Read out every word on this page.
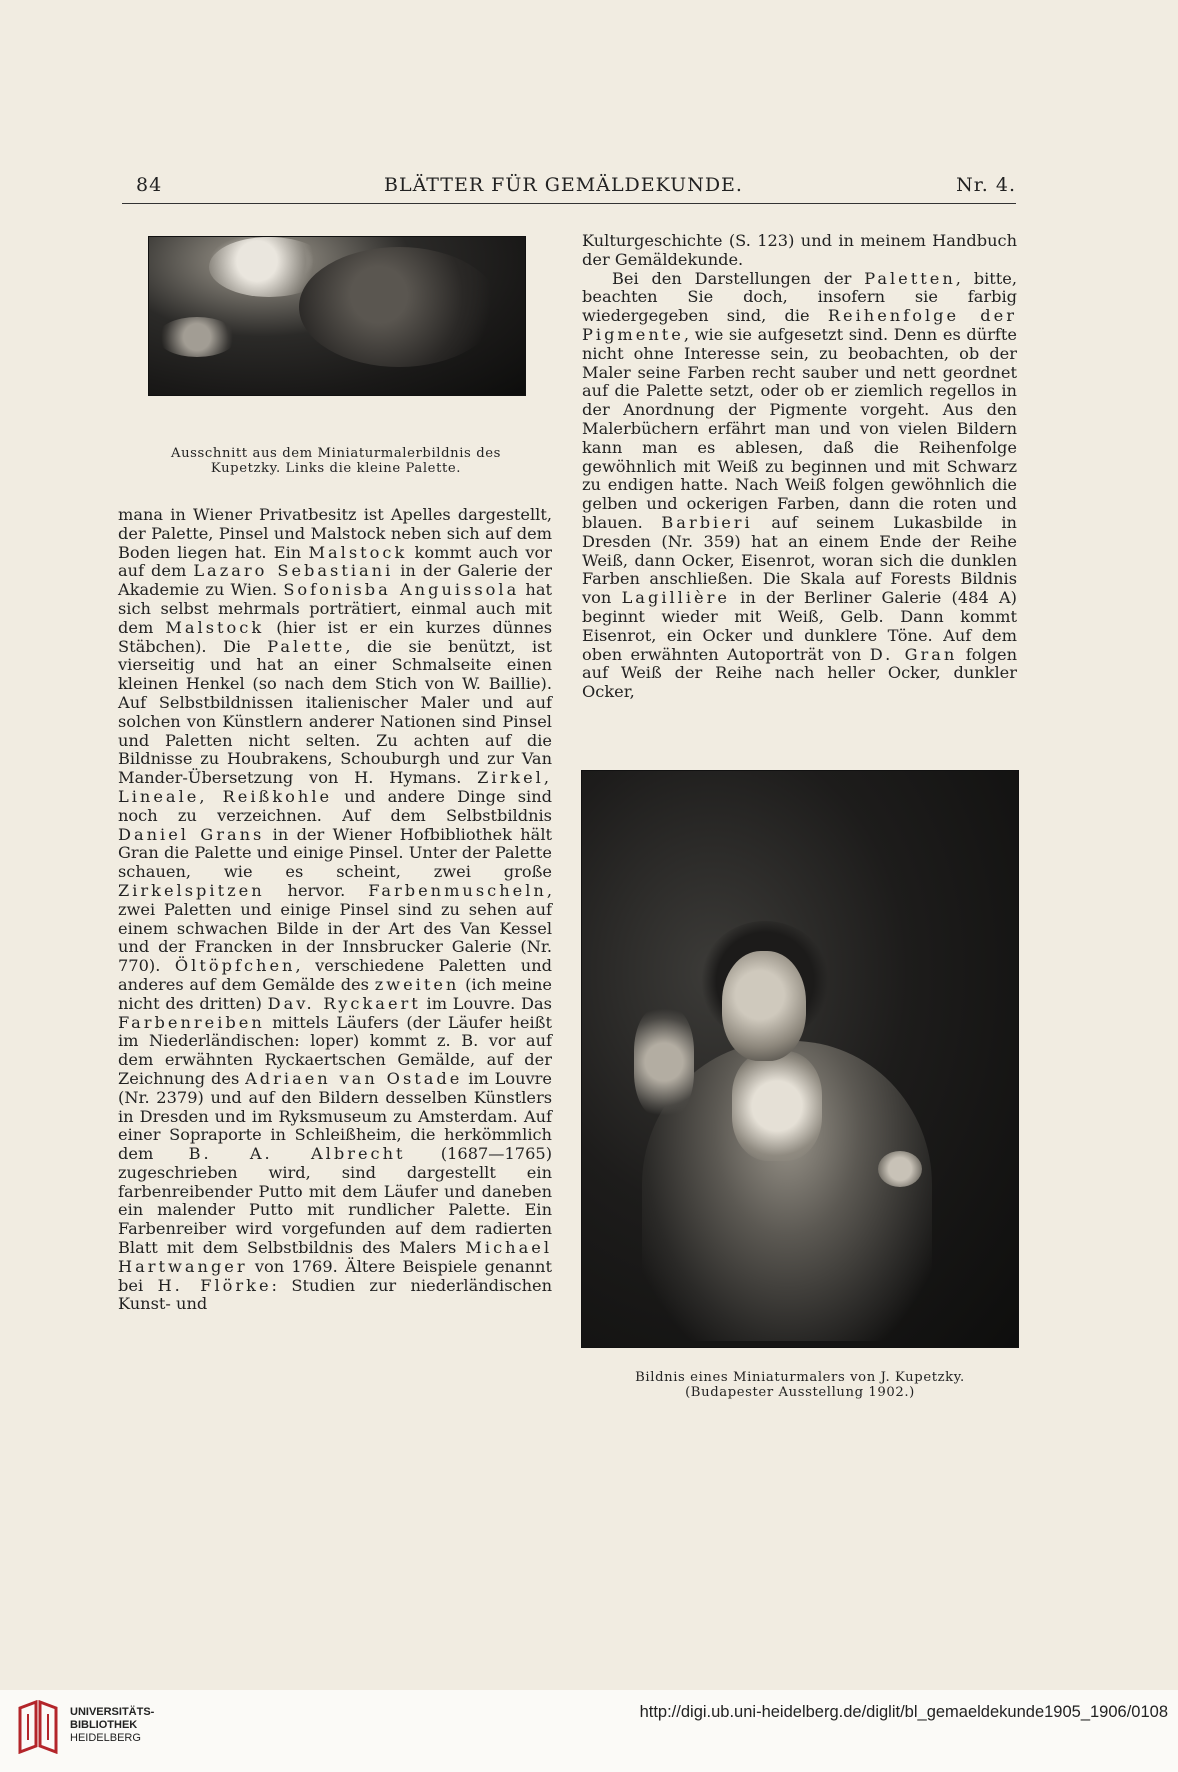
84	BLÄTTER FÜR GEMÄLDEKUNDE.	Nr. 4.
Ausschnitt aus dem Miniaturmalerbildnis des
Kupetzky. Links die kleine Palette.

mana in Wiener Privatbesitz ist Apelles dargestellt, der Palette, Pinsel und Malstock neben sich auf dem Boden liegen hat. Ein Malstock kommt auch vor auf dem Lazaro Sebastiani in der Galerie der Akademie zu Wien. Sofonisba Anguissola hat sich selbst mehrmals porträtiert, einmal auch mit dem Malstock (hier ist er ein kurzes dünnes Stäbchen). Die Palette, die sie benützt, ist vierseitig und hat an einer Schmalseite einen kleinen Henkel (so nach dem Stich von W. Baillie). Auf Selbstbildnissen italienischer Maler und auf solchen von Künstlern anderer Nationen sind Pinsel und Paletten nicht selten. Zu achten auf die Bildnisse zu Houbrakens, Schouburgh und zur Van Mander-Übersetzung von H. Hymans. Zirkel, Lineale, Reißkohle und andere Dinge sind noch zu verzeichnen. Auf dem Selbstbildnis Daniel Grans in der Wiener Hofbibliothek hält Gran die Palette und einige Pinsel. Unter der Palette schauen, wie es scheint, zwei große Zirkelspitzen hervor. Farbenmuscheln, zwei Paletten und einige Pinsel sind zu sehen auf einem schwachen Bilde in der Art des Van Kessel und der Francken in der Innsbrucker Galerie (Nr. 770). Öltöpfchen, verschiedene Paletten und anderes auf dem Gemälde des zweiten (ich meine nicht des dritten) Dav. Ryckaert im Louvre. Das Farbenreiben mittels Läufers (der Läufer heißt im Niederländischen: loper) kommt z. B. vor auf dem erwähnten Ryckaertschen Gemälde, auf der Zeichnung des Adriaen van Ostade im Louvre (Nr. 2379) und auf den Bildern desselben Künstlers in Dresden und im Ryksmuseum zu Amsterdam. Auf einer Sopraporte in Schleißheim, die herkömmlich dem B. A. Albrecht (1687—1765) zugeschrieben wird, sind dargestellt ein farbenreibender Putto mit dem Läufer und daneben ein malender Putto mit rundlicher Palette. Ein Farbenreiber wird vorgefunden auf dem radierten Blatt mit dem Selbstbildnis des Malers Michael Hartwanger von 1769. Ältere Beispiele genannt bei H. Flörke: Studien zur niederländischen Kunst- und

Kulturgeschichte (S. 123) und in meinem Handbuch der Gemäldekunde.

Bei den Darstellungen der Paletten, bitte, beachten Sie doch, insofern sie farbig wiedergegeben sind, die Reihenfolge der Pigmente, wie sie aufgesetzt sind. Denn es dürfte nicht ohne Interesse sein, zu beobachten, ob der Maler seine Farben recht sauber und nett geordnet auf die Palette setzt, oder ob er ziemlich regellos in der Anordnung der Pigmente vorgeht. Aus den Malerbüchern erfährt man und von vielen Bildern kann man es ablesen, daß die Reihenfolge gewöhnlich mit Weiß zu beginnen und mit Schwarz zu endigen hatte. Nach Weiß folgen gewöhnlich die gelben und ockerigen Farben, dann die roten und blauen. Barbieri auf seinem Lukasbilde in Dresden (Nr. 359) hat an einem Ende der Reihe Weiß, dann Ocker, Eisenrot, woran sich die dunklen Farben anschließen. Die Skala auf Forests Bildnis von Lagillière in der Berliner Galerie (484 A) beginnt wieder mit Weiß, Gelb. Dann kommt Eisenrot, ein Ocker und dunklere Töne. Auf dem oben erwähnten Autoporträt von D. Gran folgen auf Weiß der Reihe nach heller Ocker, dunkler Ocker,

Bildnis eines Miniaturmalers von J. Kupetzky.
(Budapester Ausstellung 1902.)
UNIVERSITÄTS-
BIBLIOTHEK
HEIDELBERG
http://digi.ub.uni-heidelberg.de/diglit/bl_gemaeldekunde1905_1906/0108
